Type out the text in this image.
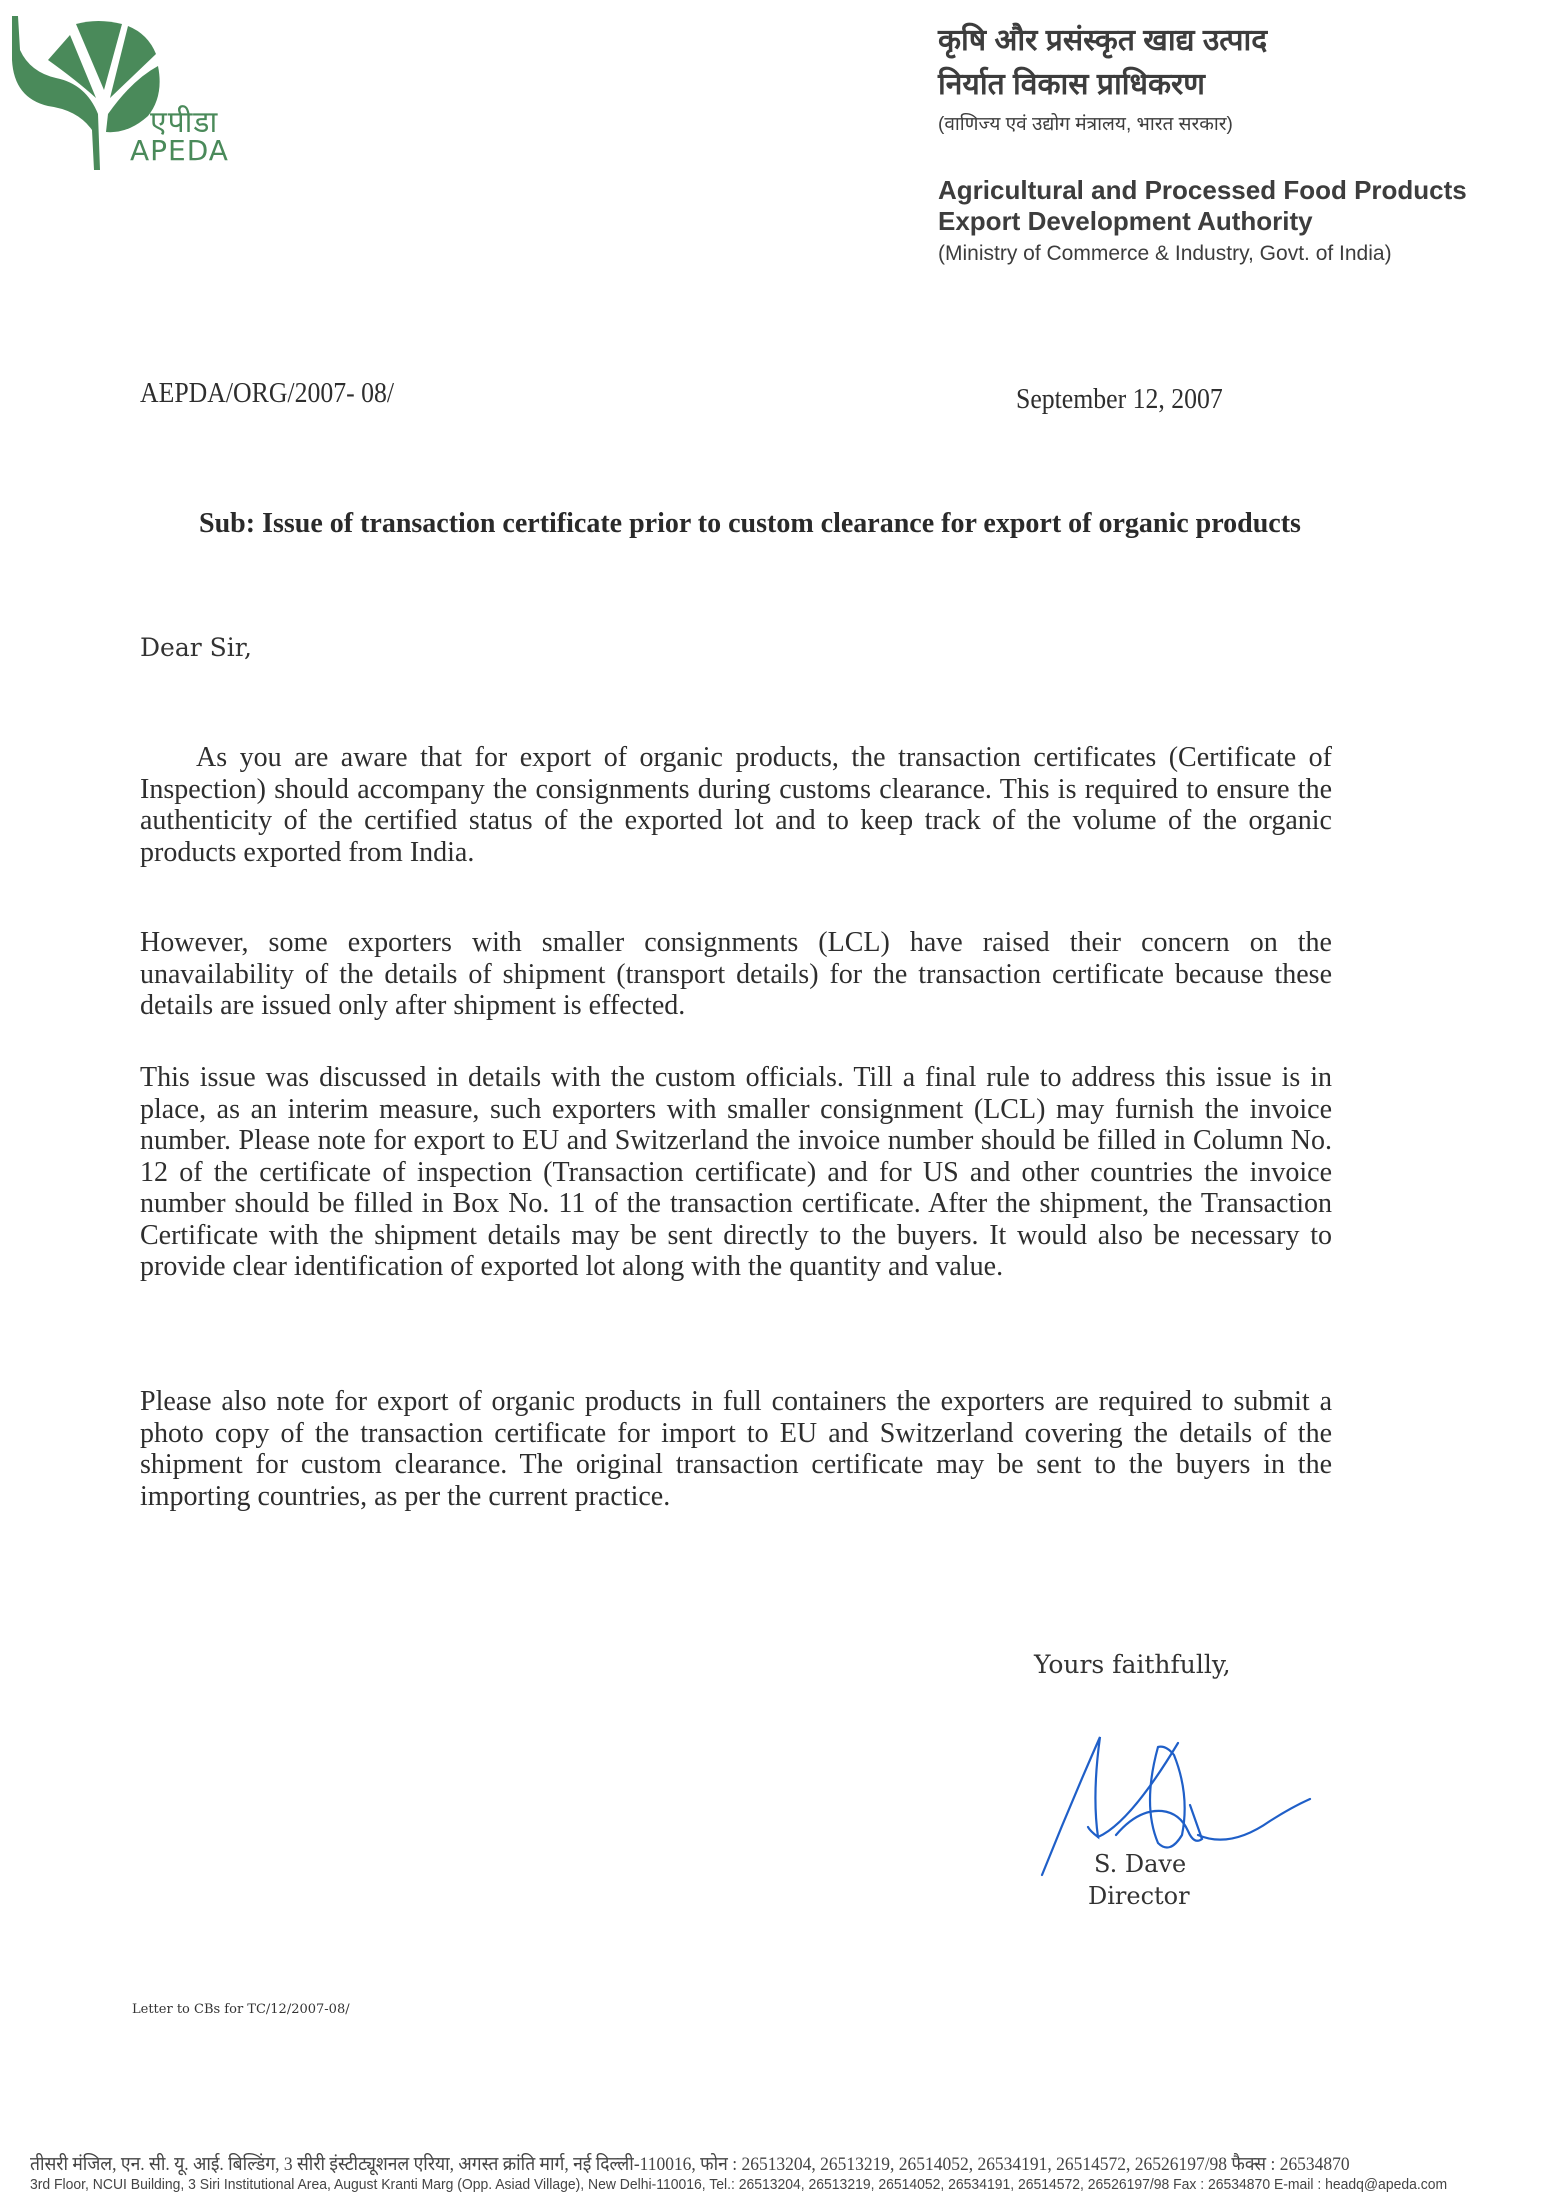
एपीडा
APEDA
कृषि और प्रसंस्कृत खाद्य उत्पाद
निर्यात विकास प्राधिकरण
(वाणिज्य एवं उद्योग मंत्रालय, भारत सरकार)
Agricultural and Processed Food Products
Export Development Authority
(Ministry of Commerce & Industry, Govt. of India)
AEPDA/ORG/2007- 08/	September 12, 2007
Sub: Issue of transaction certificate prior to custom clearance for export of organic products
Dear Sir,
As you are aware that for export of organic products, the transaction certificates (Certificate of Inspection) should accompany the consignments during customs clearance. This is required to ensure the authenticity of the certified status of the exported lot and to keep track of the volume of the organic products exported from India.
However, some exporters with smaller consignments (LCL) have raised their concern on the unavailability of the details of shipment (transport details) for the transaction certificate because these details are issued only after shipment is effected.
This issue was discussed in details with the custom officials. Till a final rule to address this issue is in place, as an interim measure, such exporters with smaller consignment (LCL) may furnish the invoice number. Please note for export to EU and Switzerland the invoice number should be filled in Column No. 12 of the certificate of inspection (Transaction certificate) and for US and other countries the invoice number should be filled in Box No. 11 of the transaction certificate. After the shipment, the Transaction Certificate with the shipment details may be sent directly to the buyers. It would also be necessary to provide clear identification of exported lot along with the quantity and value.
Please also note for export of organic products in full containers the exporters are required to submit a photo copy of the transaction certificate for import to EU and Switzerland covering the details of the shipment for custom clearance. The original transaction certificate may be sent to the buyers in the importing countries, as per the current practice.
Yours faithfully,
S. Dave
Director
Letter to CBs for TC/12/2007-08/
तीसरी मंजिल, एन. सी. यू. आई. बिल्डिंग, 3 सीरी इंस्टीट्यूशनल एरिया, अगस्त क्रांति मार्ग, नई दिल्ली-110016, फोन : 26513204, 26513219, 26514052, 26534191, 26514572, 26526197/98 फैक्स : 26534870
3rd Floor, NCUI Building, 3 Siri Institutional Area, August Kranti Marg (Opp. Asiad Village), New Delhi-110016, Tel.: 26513204, 26513219, 26514052, 26534191, 26514572, 26526197/98 Fax : 26534870 E-mail : headq@apeda.com
